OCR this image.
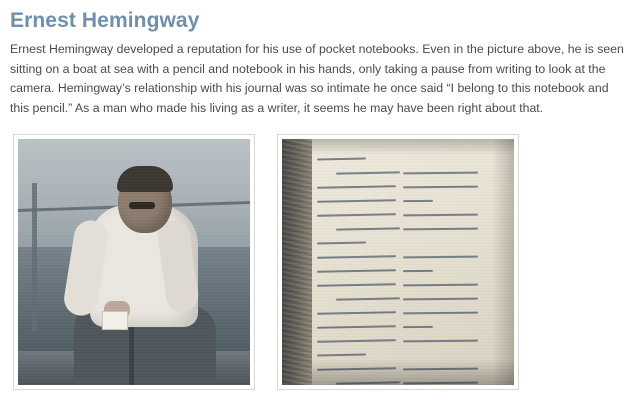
Ernest Hemingway

Ernest Hemingway developed a reputation for his use of pocket notebooks. Even in the picture above, he is seen sitting on a boat at sea with a pencil and notebook in his hands, only taking a pause from writing to look at the camera. Hemingway’s relationship with his journal was so intimate he once said “I belong to this notebook and this pencil.” As a man who made his living as a writer, it seems he may have been right about that.
